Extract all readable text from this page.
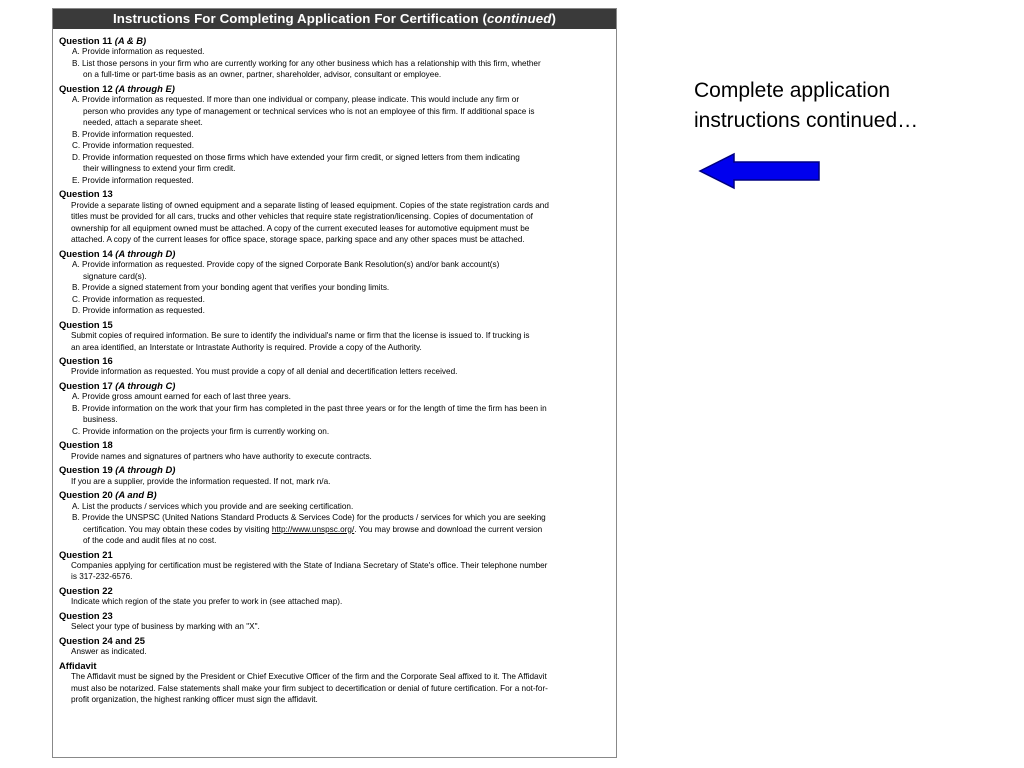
Instructions For Completing Application For Certification (continued)
Question 11 (A & B)
A. Provide information as requested.
B. List those persons in your firm who are currently working for any other business which has a relationship with this firm, whether
on a full-time or part-time basis as an owner, partner, shareholder, advisor, consultant or employee.
Question 12 (A through E)
A. Provide information as requested. If more than one individual or company, please indicate. This would include any firm or
person who provides any type of management or technical services who is not an employee of this firm. If additional space is
needed, attach a separate sheet.
B. Provide information requested.
C. Provide information requested.
D. Provide information requested on those firms which have extended your firm credit, or signed letters from them indicating
their willingness to extend your firm credit.
E. Provide information requested.
Question 13
Provide a separate listing of owned equipment and a separate listing of leased equipment. Copies of the state registration cards and
titles must be provided for all cars, trucks and other vehicles that require state registration/licensing. Copies of documentation of
ownership for all equipment owned must be attached. A copy of the current executed leases for automotive equipment must be
attached. A copy of the current leases for office space, storage space, parking space and any other spaces must be attached.
Question 14 (A through D)
A. Provide information as requested. Provide copy of the signed Corporate Bank Resolution(s) and/or bank account(s)
signature card(s).
B. Provide a signed statement from your bonding agent that verifies your bonding limits.
C. Provide information as requested.
D. Provide information as requested.
Question 15
Submit copies of required information. Be sure to identify the individual's name or firm that the license is issued to. If trucking is
an area identified, an Interstate or Intrastate Authority is required. Provide a copy of the Authority.
Question 16
Provide information as requested. You must provide a copy of all denial and decertification letters received.
Question 17 (A through C)
A. Provide gross amount earned for each of last three years.
B. Provide information on the work that your firm has completed in the past three years or for the length of time the firm has been in
business.
C. Provide information on the projects your firm is currently working on.
Question 18
Provide names and signatures of partners who have authority to execute contracts.
Question 19 (A through D)
If you are a supplier, provide the information requested. If not, mark n/a.
Question 20 (A and B)
A. List the products / services which you provide and are seeking certification.
B. Provide the UNSPSC (United Nations Standard Products & Services Code) for the products / services for which you are seeking
certification. You may obtain these codes by visiting http://www.unspsc.org/. You may browse and download the current version
of the code and audit files at no cost.
Question 21
Companies applying for certification must be registered with the State of Indiana Secretary of State's office. Their telephone number
is 317-232-6576.
Question 22
Indicate which region of the state you prefer to work in (see attached map).
Question 23
Select your type of business by marking with an "X".
Question 24 and 25
Answer as indicated.
Affidavit
The Affidavit must be signed by the President or Chief Executive Officer of the firm and the Corporate Seal affixed to it. The Affidavit
must also be notarized. False statements shall make your firm subject to decertification or denial of future certification. For a not-for-
profit organization, the highest ranking officer must sign the affidavit.
Complete application
instructions continued…
